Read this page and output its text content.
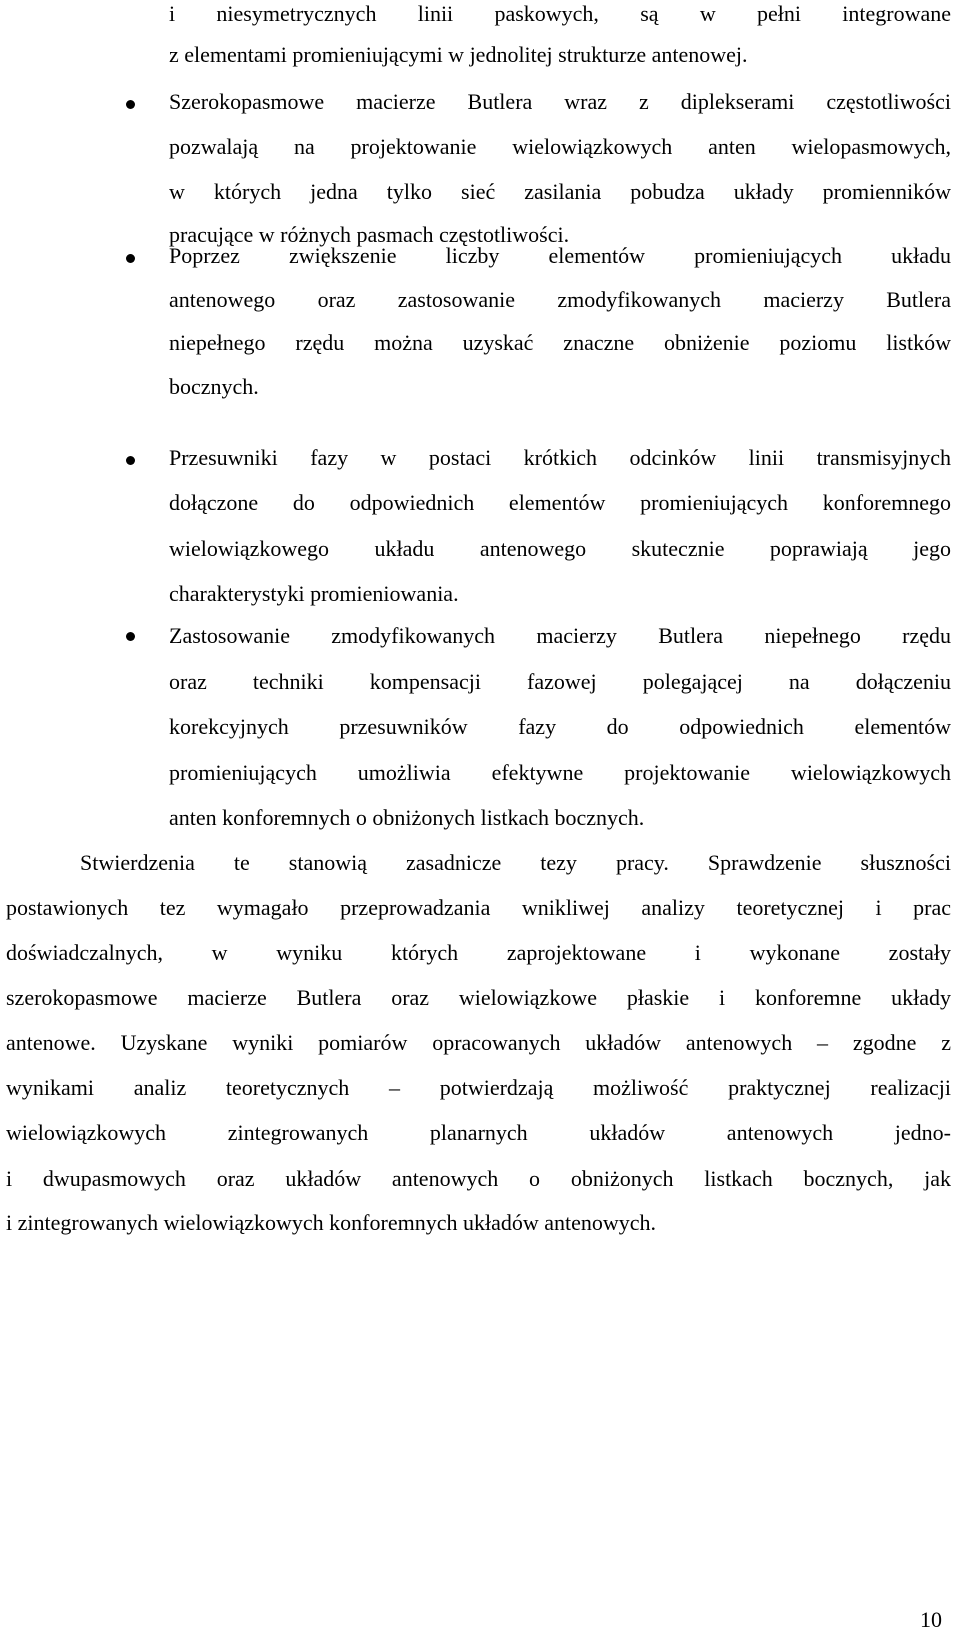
i niesymetrycznych linii paskowych, są w pełni integrowane
z elementami promieniującymi w jednolitej strukturze antenowej.
Szerokopasmowe macierze Butlera wraz z diplekserami częstotliwości
pozwalają na projektowanie wielowiązkowych anten wielopasmowych,
w których jedna tylko sieć zasilania pobudza układy promienników
pracujące w różnych pasmach częstotliwości.
Poprzez zwiększenie liczby elementów promieniujących układu
antenowego oraz zastosowanie zmodyfikowanych macierzy Butlera
niepełnego rzędu można uzyskać znaczne obniżenie poziomu listków
bocznych.
Przesuwniki fazy w postaci krótkich odcinków linii transmisyjnych
dołączone do odpowiednich elementów promieniujących konforemnego
wielowiązkowego układu antenowego skutecznie poprawiają jego
charakterystyki promieniowania.
Zastosowanie zmodyfikowanych macierzy Butlera niepełnego rzędu
oraz techniki kompensacji fazowej polegającej na dołączeniu
korekcyjnych przesuwników fazy do odpowiednich elementów
promieniujących umożliwia efektywne projektowanie wielowiązkowych
anten konforemnych o obniżonych listkach bocznych.
Stwierdzenia te stanowią zasadnicze tezy pracy. Sprawdzenie słuszności
postawionych tez wymagało przeprowadzania wnikliwej analizy teoretycznej i prac
doświadczalnych, w wyniku których zaprojektowane i wykonane zostały
szerokopasmowe macierze Butlera oraz wielowiązkowe płaskie i konforemne układy
antenowe. Uzyskane wyniki pomiarów opracowanych układów antenowych – zgodne z
wynikami analiz teoretycznych – potwierdzają możliwość praktycznej realizacji
wielowiązkowych zintegrowanych planarnych układów antenowych jedno-
i dwupasmowych oraz układów antenowych o obniżonych listkach bocznych, jak
i zintegrowanych wielowiązkowych konforemnych układów antenowych.
10
